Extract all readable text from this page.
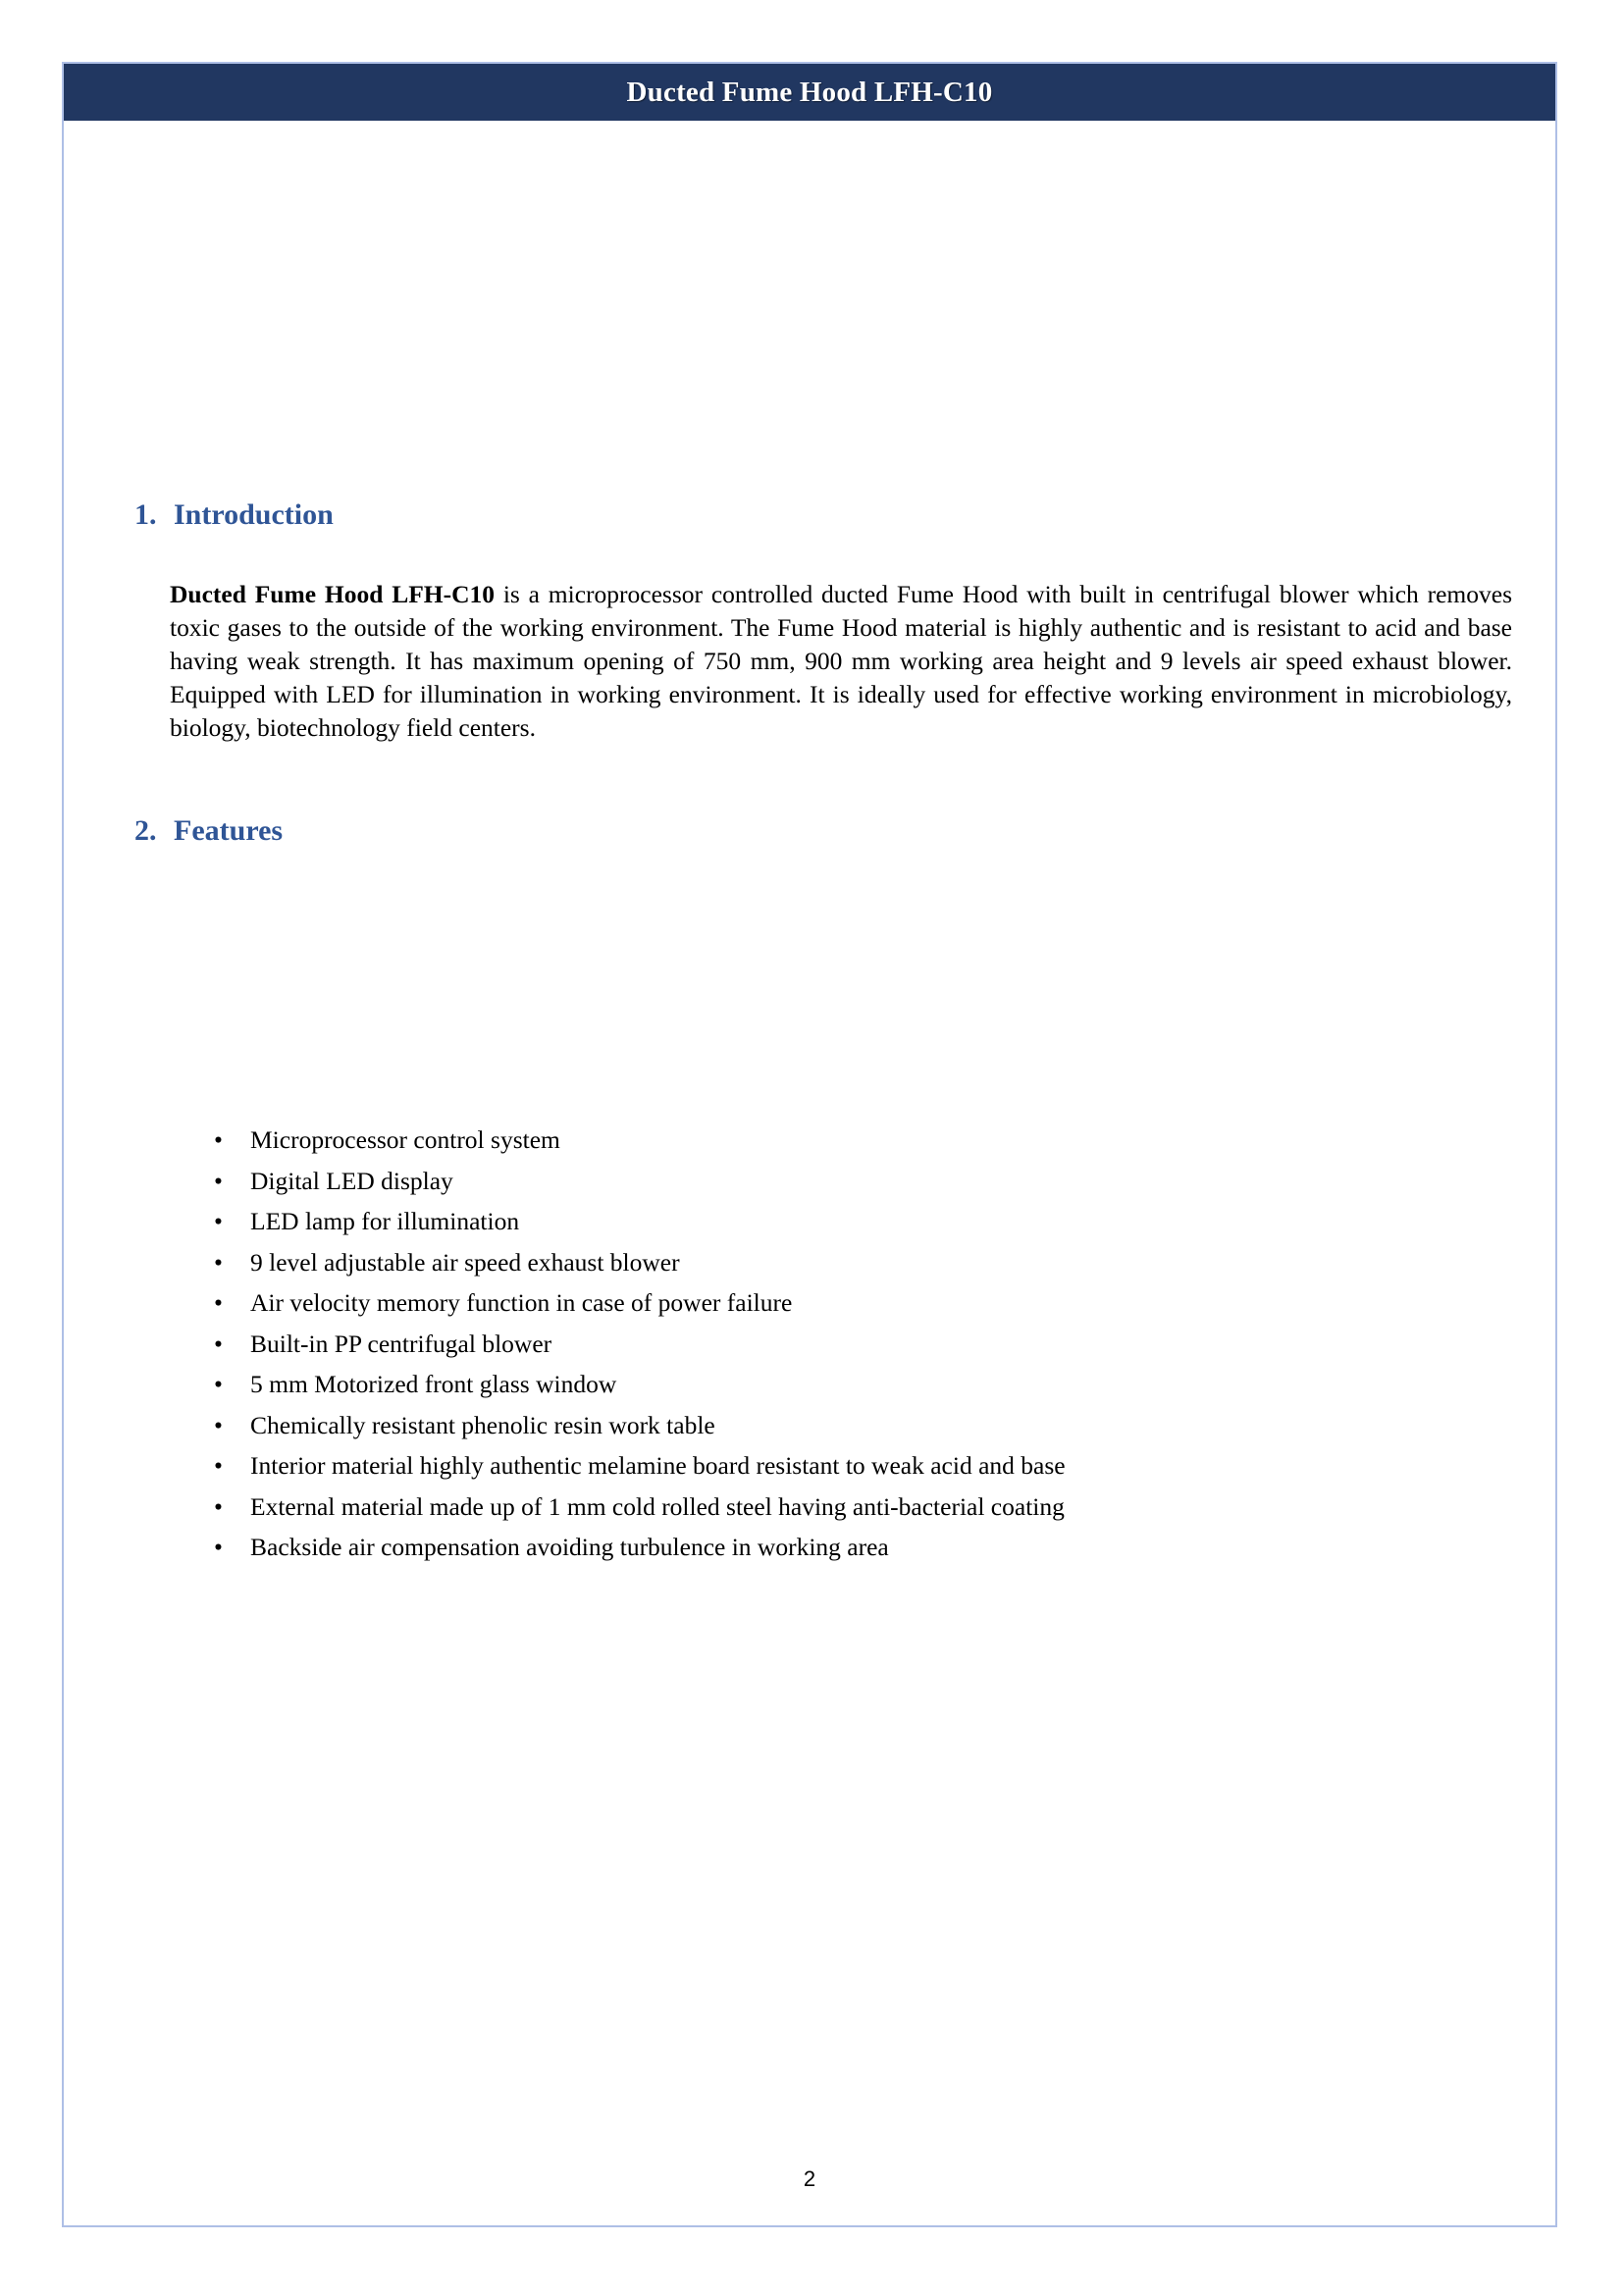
Ducted Fume Hood LFH-C10
1. Introduction

Ducted Fume Hood LFH-C10 is a microprocessor controlled ducted Fume Hood with built in centrifugal blower which removes toxic gases to the outside of the working environment. The Fume Hood material is highly authentic and is resistant to acid and base having weak strength. It has maximum opening of 750 mm, 900 mm working area height and 9 levels air speed exhaust blower. Equipped with LED for illumination in working environment. It is ideally used for effective working environment in microbiology, biology, biotechnology field centers.

2. Features
• Microprocessor control system
• Digital LED display
• LED lamp for illumination
• 9 level adjustable air speed exhaust blower
• Air velocity memory function in case of power failure
• Built-in PP centrifugal blower
• 5 mm Motorized front glass window
• Chemically resistant phenolic resin work table
• Interior material highly authentic melamine board resistant to weak acid and base
• External material made up of 1 mm cold rolled steel having anti-bacterial coating
• Backside air compensation avoiding turbulence in working area
2
